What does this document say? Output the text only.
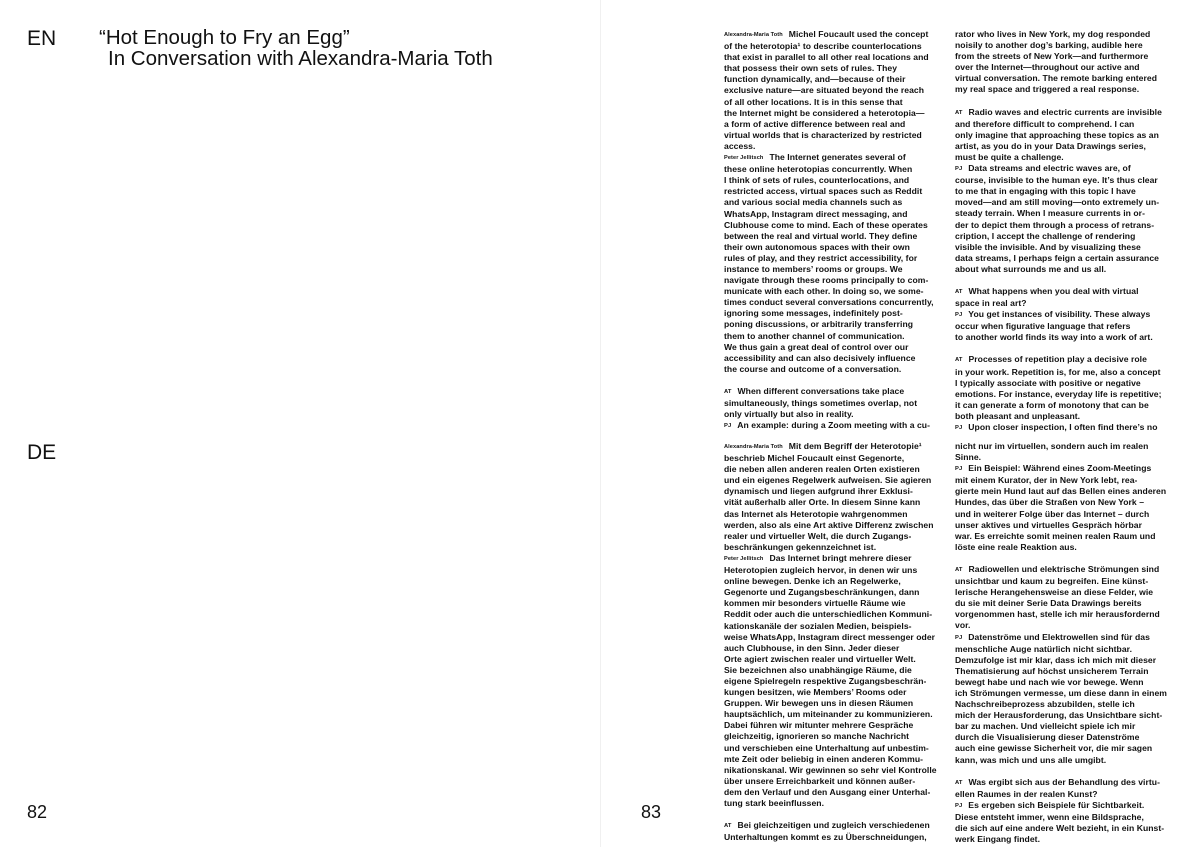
EN “Hot Enough to Fry an Egg”
In Conversation with Alexandra-Maria Toth
DE
82	83
Alexandra-Maria Toth Michel Foucault used the concept
of the heterotopia¹ to describe counterlocations
that exist in parallel to all other real locations and
that possess their own sets of rules. They
function dynamically, and—because of their
exclusive nature—are situated beyond the reach
of all other locations. It is in this sense that
the Internet might be considered a heterotopia—
a form of active difference between real and
virtual worlds that is characterized by restricted
access.
Peter Jellitsch The Internet generates several of
these online heterotopias concurrently. When
I think of sets of rules, counterlocations, and
restricted access, virtual spaces such as Reddit
and various social media channels such as
WhatsApp, Instagram direct messaging, and
Clubhouse come to mind. Each of these operates
between the real and virtual world. They define
their own autonomous spaces with their own
rules of play, and they restrict accessibility, for
instance to members’ rooms or groups. We
navigate through these rooms principally to com-
municate with each other. In doing so, we some-
times conduct several conversations concurrently,
ignoring some messages, indefinitely post-
poning discussions, or arbitrarily transferring
them to another channel of communication.
We thus gain a great deal of control over our
accessibility and can also decisively influence
the course and outcome of a conversation.
AT When different conversations take place
simultaneously, things sometimes overlap, not
only virtually but also in reality.
PJ An example: during a Zoom meeting with a cu-
rator who lives in New York, my dog responded
noisily to another dog’s barking, audible here
from the streets of New York—and furthermore
over the Internet—throughout our active and
virtual conversation. The remote barking entered
my real space and triggered a real response.
AT Radio waves and electric currents are invisible
and therefore difficult to comprehend. I can
only imagine that approaching these topics as an
artist, as you do in your Data Drawings series,
must be quite a challenge.
PJ Data streams and electric waves are, of
course, invisible to the human eye. It’s thus clear
to me that in engaging with this topic I have
moved—and am still moving—onto extremely un-
steady terrain. When I measure currents in or-
der to depict them through a process of retrans-
cription, I accept the challenge of rendering
visible the invisible. And by visualizing these
data streams, I perhaps feign a certain assurance
about what surrounds me and us all.
AT What happens when you deal with virtual
space in real art?
PJ You get instances of visibility. These always
occur when figurative language that refers
to another world finds its way into a work of art.
AT Processes of repetition play a decisive role
in your work. Repetition is, for me, also a concept
I typically associate with positive or negative
emotions. For instance, everyday life is repetitive;
it can generate a form of monotony that can be
both pleasant and unpleasant.
PJ Upon closer inspection, I often find there’s no
Alexandra-Maria Toth Mit dem Begriff der Heterotopie¹
beschrieb Michel Foucault einst Gegenorte,
die neben allen anderen realen Orten existieren
und ein eigenes Regelwerk aufweisen. Sie agieren
dynamisch und liegen aufgrund ihrer Exklusi-
vität außerhalb aller Orte. In diesem Sinne kann
das Internet als Heterotopie wahrgenommen
werden, also als eine Art aktive Differenz zwischen
realer und virtueller Welt, die durch Zugangs-
beschränkungen gekennzeichnet ist.
Peter Jellitsch Das Internet bringt mehrere dieser
Heterotopien zugleich hervor, in denen wir uns
online bewegen. Denke ich an Regelwerke,
Gegenorte und Zugangsbeschränkungen, dann
kommen mir besonders virtuelle Räume wie
Reddit oder auch die unterschiedlichen Kommuni-
kationskanäle der sozialen Medien, beispiels-
weise WhatsApp, Instagram direct messenger oder
auch Clubhouse, in den Sinn. Jeder dieser
Orte agiert zwischen realer und virtueller Welt.
Sie bezeichnen also unabhängige Räume, die
eigene Spielregeln respektive Zugangsbeschrän-
kungen besitzen, wie Members’ Rooms oder
Gruppen. Wir bewegen uns in diesen Räumen
hauptsächlich, um miteinander zu kommunizieren.
Dabei führen wir mitunter mehrere Gespräche
gleichzeitig, ignorieren so manche Nachricht
und verschieben eine Unterhaltung auf unbestim-
mte Zeit oder beliebig in einen anderen Kommu-
nikationskanal. Wir gewinnen so sehr viel Kontrolle
über unsere Erreichbarkeit und können außer-
dem den Verlauf und den Ausgang einer Unterhal-
tung stark beeinflussen.
AT Bei gleichzeitigen und zugleich verschiedenen
Unterhaltungen kommt es zu Überschneidungen,
nicht nur im virtuellen, sondern auch im realen
Sinne.
PJ Ein Beispiel: Während eines Zoom-Meetings
mit einem Kurator, der in New York lebt, rea-
gierte mein Hund laut auf das Bellen eines anderen
Hundes, das über die Straßen von New York –
und in weiterer Folge über das Internet – durch
unser aktives und virtuelles Gespräch hörbar
war. Es erreichte somit meinen realen Raum und
löste eine reale Reaktion aus.
AT Radiowellen und elektrische Strömungen sind
unsichtbar und kaum zu begreifen. Eine künst-
lerische Herangehensweise an diese Felder, wie
du sie mit deiner Serie Data Drawings bereits
vorgenommen hast, stelle ich mir herausfordernd
vor.
PJ Datenströme und Elektrowellen sind für das
menschliche Auge natürlich nicht sichtbar.
Demzufolge ist mir klar, dass ich mich mit dieser
Thematisierung auf höchst unsicherem Terrain
bewegt habe und nach wie vor bewege. Wenn
ich Strömungen vermesse, um diese dann in einem
Nachschreibeprozess abzubilden, stelle ich
mich der Herausforderung, das Unsichtbare sicht-
bar zu machen. Und vielleicht spiele ich mir
durch die Visualisierung dieser Datenströme
auch eine gewisse Sicherheit vor, die mir sagen
kann, was mich und uns alle umgibt.
AT Was ergibt sich aus der Behandlung des virtu-
ellen Raumes in der realen Kunst?
PJ Es ergeben sich Beispiele für Sichtbarkeit.
Diese entsteht immer, wenn eine Bildsprache,
die sich auf eine andere Welt bezieht, in ein Kunst-
werk Eingang findet.
